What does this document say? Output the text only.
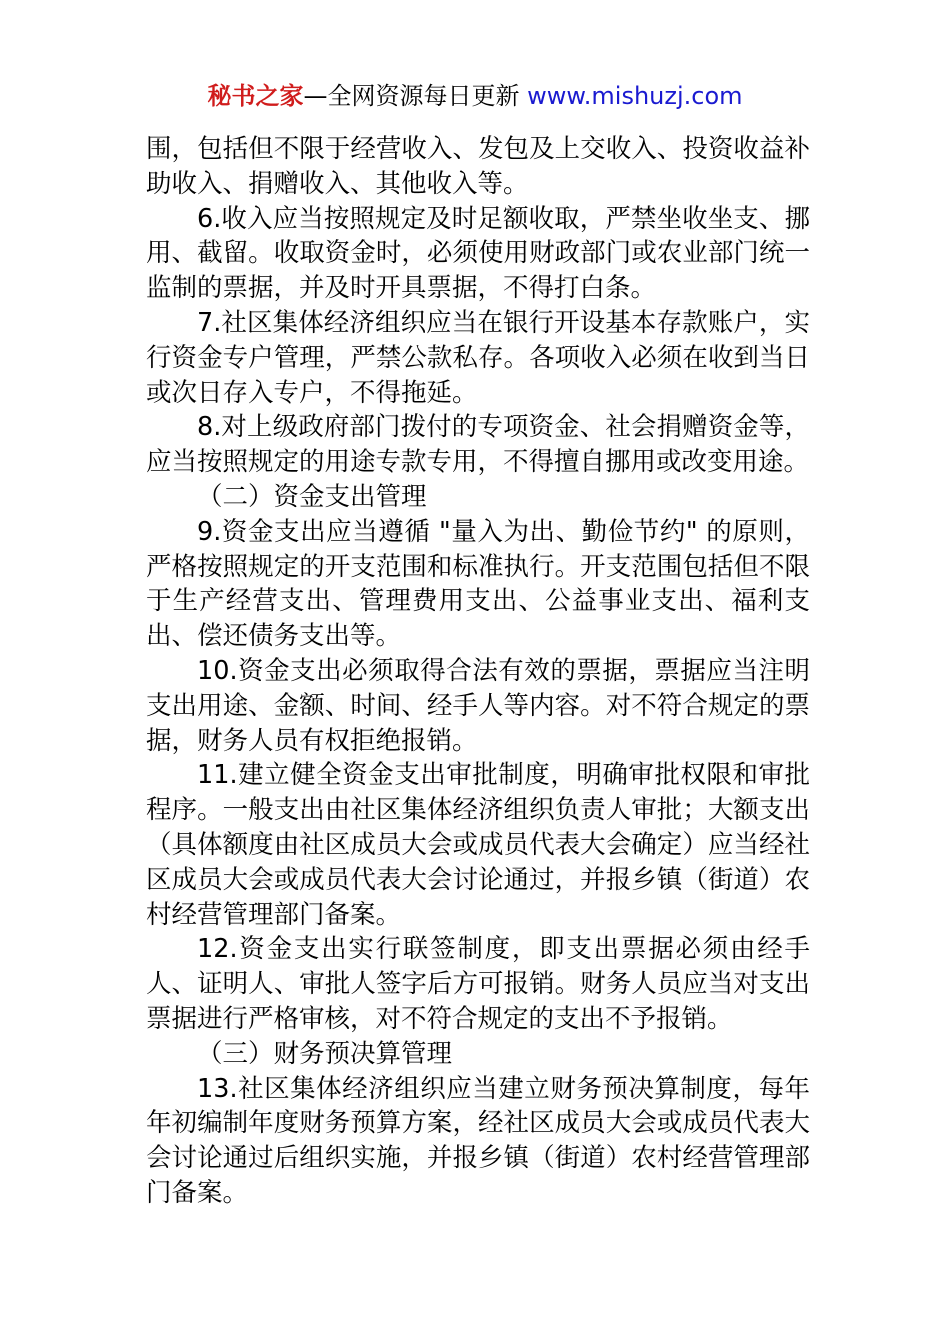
秘书之家—全网资源每日更新 www.mishuzj.com

围，包括但不限于经营收入、发包及上交收入、投资收益补助收入、捐赠收入、其他收入等。

6.收入应当按照规定及时足额收取，严禁坐收坐支、挪用、截留。收取资金时，必须使用财政部门或农业部门统一监制的票据，并及时开具票据，不得打白条。

7.社区集体经济组织应当在银行开设基本存款账户，实行资金专户管理，严禁公款私存。各项收入必须在收到当日或次日存入专户，不得拖延。

8.对上级政府部门拨付的专项资金、社会捐赠资金等，应当按照规定的用途专款专用，不得擅自挪用或改变用途。

（二）资金支出管理

9.资金支出应当遵循 "量入为出、勤俭节约" 的原则，严格按照规定的开支范围和标准执行。开支范围包括但不限于生产经营支出、管理费用支出、公益事业支出、福利支出、偿还债务支出等。

10.资金支出必须取得合法有效的票据，票据应当注明支出用途、金额、时间、经手人等内容。对不符合规定的票据，财务人员有权拒绝报销。

11.建立健全资金支出审批制度，明确审批权限和审批程序。一般支出由社区集体经济组织负责人审批；大额支出（具体额度由社区成员大会或成员代表大会确定）应当经社区成员大会或成员代表大会讨论通过，并报乡镇（街道）农村经营管理部门备案。

12.资金支出实行联签制度，即支出票据必须由经手人、证明人、审批人签字后方可报销。财务人员应当对支出票据进行严格审核，对不符合规定的支出不予报销。

（三）财务预决算管理

13.社区集体经济组织应当建立财务预决算制度，每年年初编制年度财务预算方案，经社区成员大会或成员代表大会讨论通过后组织实施，并报乡镇（街道）农村经营管理部门备案。
